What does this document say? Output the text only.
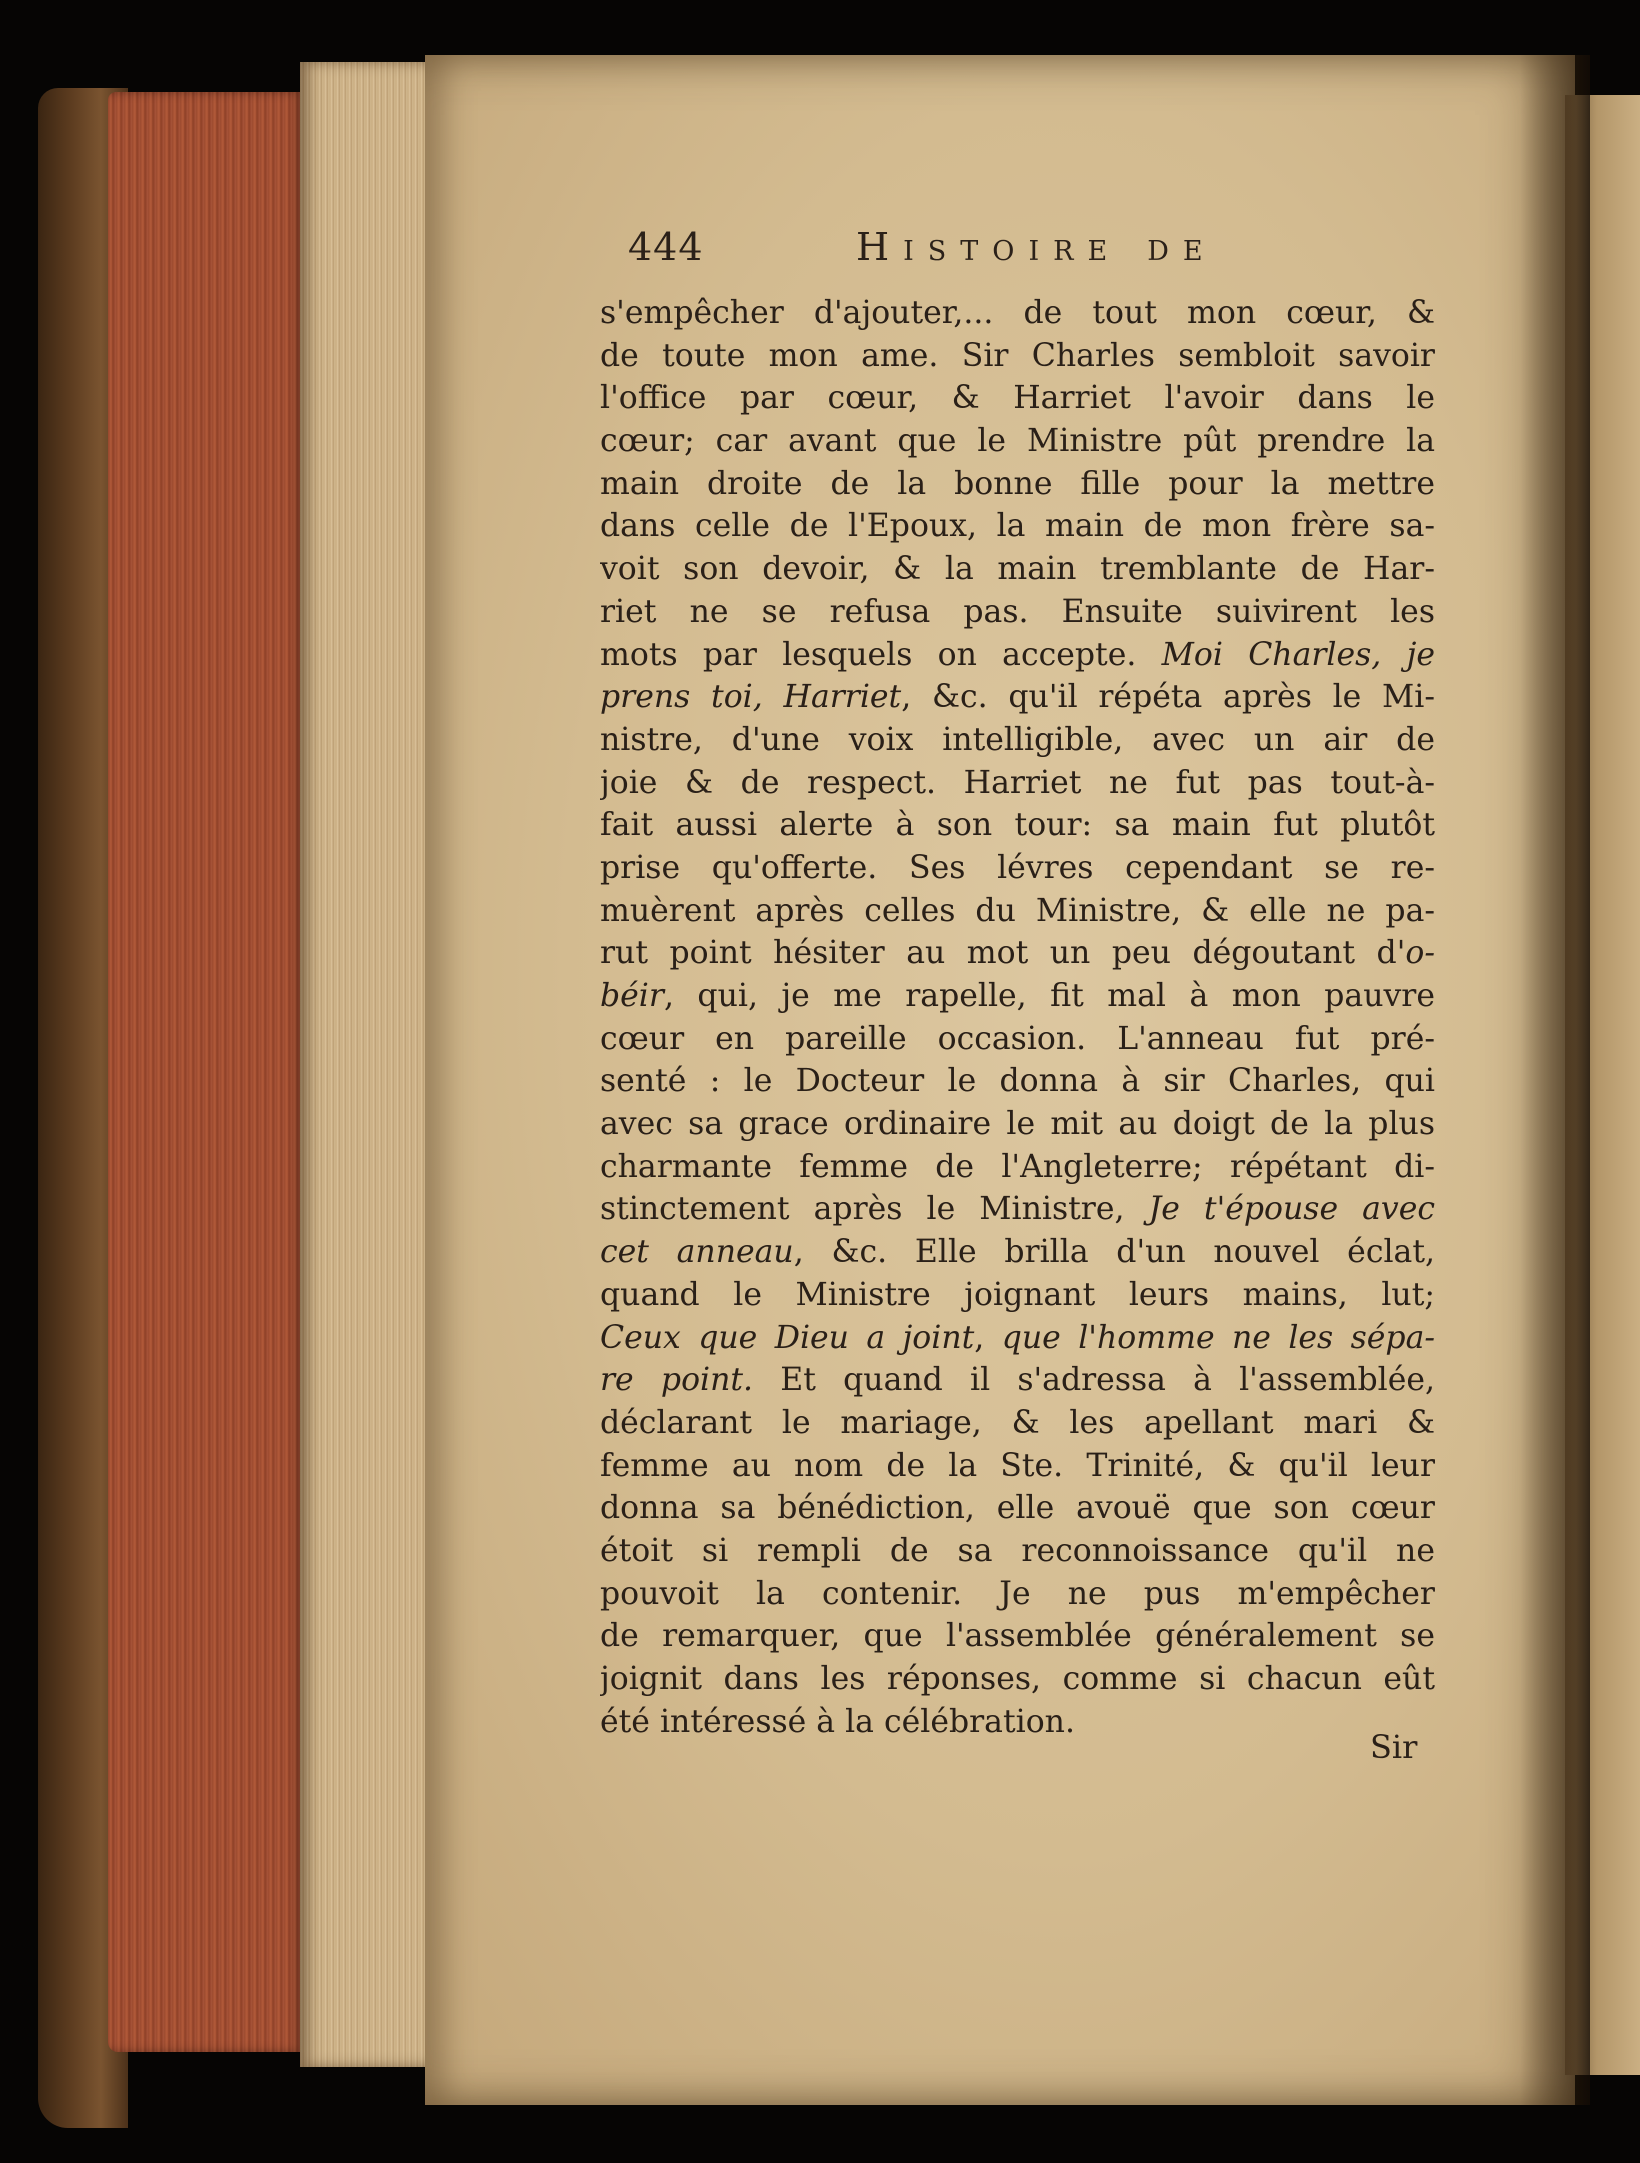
444	Histoire de
s'empêcher d'ajouter,... de tout mon cœur, &
de toute mon ame. Sir Charles sembloit savoir
l'office par cœur, & Harriet l'avoir dans le
cœur; car avant que le Ministre pût prendre la
main droite de la bonne fille pour la mettre
dans celle de l'Epoux, la main de mon frère sa-
voit son devoir, & la main tremblante de Har-
riet ne se refusa pas. Ensuite suivirent les
mots par lesquels on accepte. Moi Charles, je
prens toi, Harriet, &c. qu'il répéta après le Mi-
nistre, d'une voix intelligible, avec un air de
joie & de respect. Harriet ne fut pas tout-à-
fait aussi alerte à son tour: sa main fut plutôt
prise qu'offerte. Ses lévres cependant se re-
muèrent après celles du Ministre, & elle ne pa-
rut point hésiter au mot un peu dégoutant d'o-
béir, qui, je me rapelle, fit mal à mon pauvre
cœur en pareille occasion. L'anneau fut pré-
senté : le Docteur le donna à sir Charles, qui
avec sa grace ordinaire le mit au doigt de la plus
charmante femme de l'Angleterre; répétant di-
stinctement après le Ministre, Je t'épouse avec
cet anneau, &c. Elle brilla d'un nouvel éclat,
quand le Ministre joignant leurs mains, lut;
Ceux que Dieu a joint, que l'homme ne les sépa-
re point. Et quand il s'adressa à l'assemblée,
déclarant le mariage, & les apellant mari &
femme au nom de la Ste. Trinité, & qu'il leur
donna sa bénédiction, elle avouë que son cœur
étoit si rempli de sa reconnoissance qu'il ne
pouvoit la contenir. Je ne pus m'empêcher
de remarquer, que l'assemblée généralement se
joignit dans les réponses, comme si chacun eût
été intéressé à la célébration.
Sir
